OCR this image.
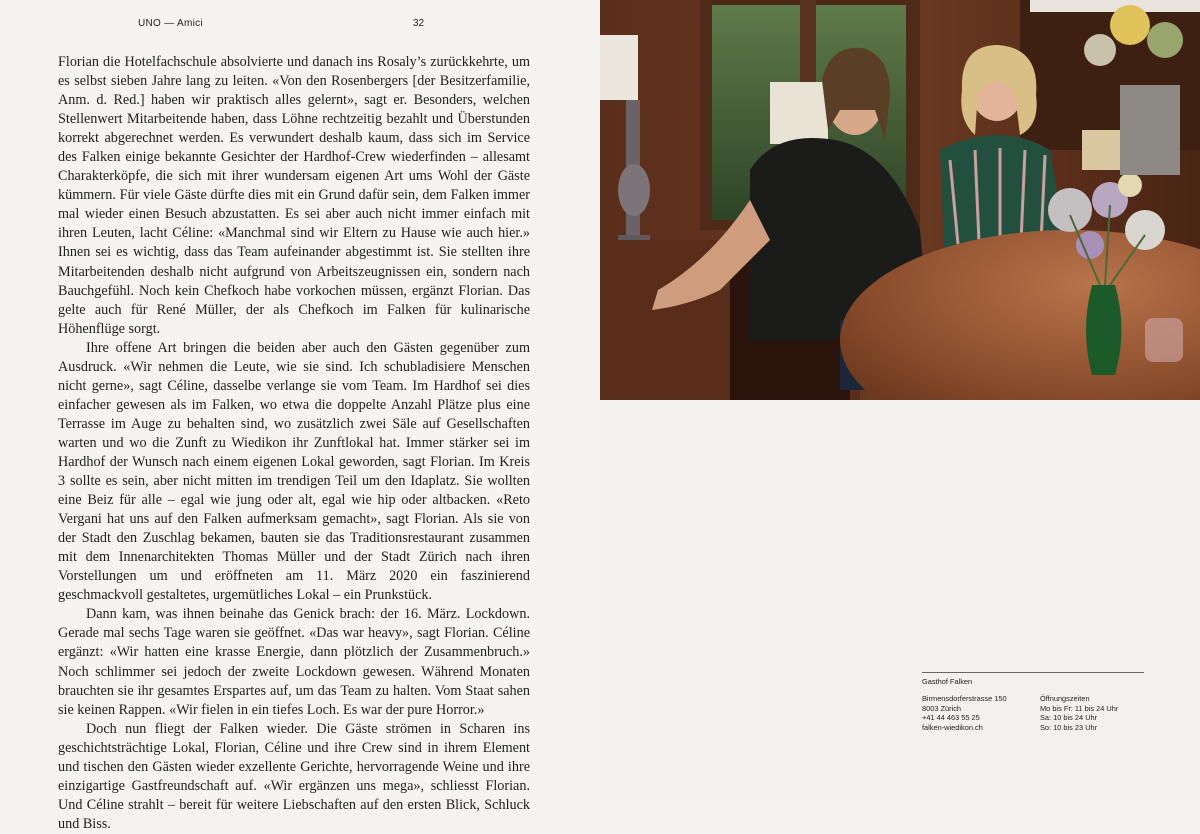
UNO — Amici	32

Florian die Hotelfachschule absolvierte und danach ins Rosaly’s zurückkehrte, um es selbst sieben Jahre lang zu leiten. «Von den Rosenbergers [der Besitzerfamilie, Anm. d. Red.] haben wir praktisch alles gelernt», sagt er. Besonders, welchen Stellenwert Mitarbeitende haben, dass Löhne rechtzeitig bezahlt und Überstunden korrekt abgerechnet werden. Es verwundert deshalb kaum, dass sich im Service des Falken einige bekannte Gesichter der Hardhof-Crew wiederfinden – allesamt Charakterköpfe, die sich mit ihrer wundersam eigenen Art ums Wohl der Gäste kümmern. Für viele Gäste dürfte dies mit ein Grund dafür sein, dem Falken immer mal wieder einen Besuch abzustatten. Es sei aber auch nicht immer einfach mit ihren Leuten, lacht Céline: «Manchmal sind wir Eltern zu Hause wie auch hier.» Ihnen sei es wichtig, dass das Team aufeinander abgestimmt ist. Sie stellten ihre Mitarbeitenden deshalb nicht aufgrund von Arbeitszeugnissen ein, sondern nach Bauchgefühl. Noch kein Chefkoch habe vorkochen müssen, ergänzt Florian. Das gelte auch für René Müller, der als Chefkoch im Falken für kulinarische Höhenflüge sorgt.

Ihre offene Art bringen die beiden aber auch den Gästen gegenüber zum Ausdruck. «Wir nehmen die Leute, wie sie sind. Ich schubladisiere Menschen nicht gerne», sagt Céline, dasselbe verlange sie vom Team. Im Hardhof sei dies einfacher gewesen als im Falken, wo etwa die doppelte Anzahl Plätze plus eine Terrasse im Auge zu behalten sind, wo zusätzlich zwei Säle auf Gesellschaften warten und wo die Zunft zu Wiedikon ihr Zunftlokal hat. Immer stärker sei im Hardhof der Wunsch nach einem eigenen Lokal geworden, sagt Florian. Im Kreis 3 sollte es sein, aber nicht mitten im trendigen Teil um den Idaplatz. Sie wollten eine Beiz für alle – egal wie jung oder alt, egal wie hip oder altbacken. «Reto Vergani hat uns auf den Falken aufmerksam gemacht», sagt Florian. Als sie von der Stadt den Zuschlag bekamen, bauten sie das Traditionsrestaurant zusammen mit dem Innenarchitekten Thomas Müller und der Stadt Zürich nach ihren Vorstellungen um und eröffneten am 11. März 2020 ein faszinierend geschmackvoll gestaltetes, urgemütliches Lokal – ein Prunkstück.

Dann kam, was ihnen beinahe das Genick brach: der 16. März. Lockdown. Gerade mal sechs Tage waren sie geöffnet. «Das war heavy», sagt Florian. Céline ergänzt: «Wir hatten eine krasse Energie, dann plötzlich der Zusammenbruch.» Noch schlimmer sei jedoch der zweite Lockdown gewesen. Während Monaten brauchten sie ihr gesamtes Erspartes auf, um das Team zu halten. Vom Staat sahen sie keinen Rappen. «Wir fielen in ein tiefes Loch. Es war der pure Horror.»

Doch nun fliegt der Falken wieder. Die Gäste strömen in Scharen ins geschichtsträchtige Lokal, Florian, Céline und ihre Crew sind in ihrem Element und tischen den Gästen wieder exzellente Gerichte, hervorragende Weine und ihre einzigartige Gastfreundschaft auf. «Wir ergänzen uns mega», schliesst Florian. Und Céline strahlt – bereit für weitere Liebschaften auf den ersten Blick, Schluck und Biss.

Gasthof Falken
Birmensdorferstrasse 150
8003 Zürich
+41 44 463 55 25
falken-wiedikon.ch
Öffnungszeiten
Mo bis Fr: 11 bis 24 Uhr
Sa: 10 bis 24 Uhr
So: 10 bis 23 Uhr
